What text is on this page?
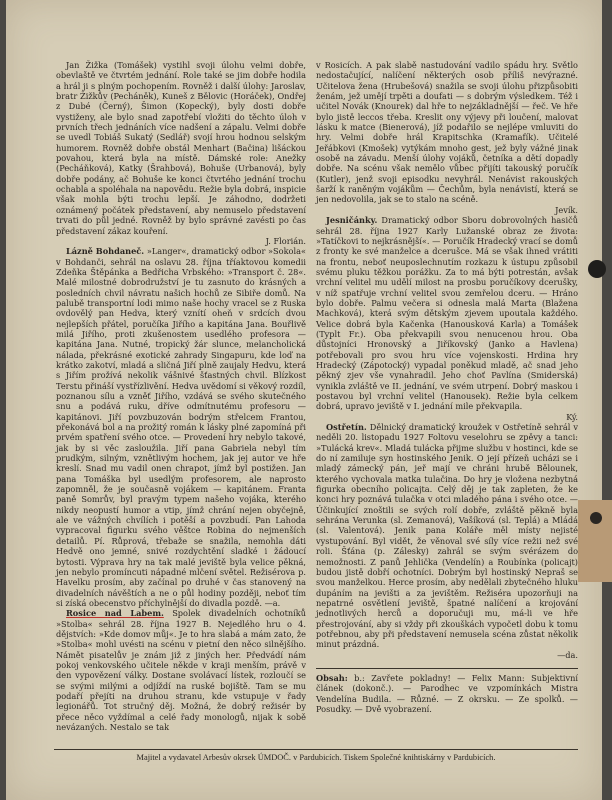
Jan Žižka (Tomášek) vystihl svoji úlohu velmi dobře, obevlaště ve čtvrtém jednání. Role také se jim dobře hodila a hrál ji s plným pochopením. Rovněž i další úlohy: Jaroslav, bratr Žižkův (Pecháněk), Kuneš z Bělovic (Horáček), Ondřej z Dubé (Černý), Šimon (Kopecký), byly dosti dobře vystiženy, ale bylo snad zapotřebí vložiti do těchto úloh v prvních třech jednáních více nadšení a zápalu. Velmi dobře se uvedl Tobiáš Sukatý (Sedlář) svojí hrou hodnou selským humorem. Rovněž dobře obstál Menhart (Bačina) lišáckou povahou, která byla na místě. Dámské role: Anežky (Pecháňková), Katky (Šrahbová), Bohuše (Urbanová), byly dobře podány, ač Bohuše ke konci čtvrtého jednání trochu ochabla a spoléhala na napovědu. Režie byla dobrá, inspicie však mohla býti trochu lepší. Je záhodno, dodržeti oznámený počátek představení, aby nemuselo představení trvati do půl jedné. Rovněž by bylo správné zavésti po čas představení zákaz kouření.

J. Florián.

Lázně Bohdaneč. »Langer«, dramatický odbor »Sokola« v Bohdanči, sehrál na oslavu 28. října tříaktovou komedii Zdeňka Štěpánka a Bedřicha Vrbského: »Transport č. 28«. Malé milostné dobrodružství je tu zasnuto do krásných a posledních chvil návratu našich hochů ze Sibiře domů. Na palubě transportní lodi mimo naše hochy vracel se z Ruska ovdovělý pan Hedva, který vznítí oheň v srdcích dvou nejlepších přátel, poručíka Jiřího a kapitána Jana. Bouřlivě milá Jiřího, proti zkušenostem usedlého profesora — kapitána Jana. Nutné, tropický žár slunce, melancholická nálada, překrásné exotické zahrady Singapuru, kde loď na krátko zakotví, mladá a sličná Jiří plně zaujaly Hedvu, která s Jiřím prožívá nekolik vášnivé šťastných chvil. Blízkost Terstu přináší vystřízlivění. Hedva uvědomí si věkový rozdíl, poznanou sílu a vzněť Jiřího, vzdává se svého skutečného snu a podává ruku, dříve odmítnutému profesoru — kapitánovi. Jiří povzbuzován bodrým střelcem Frantou, překonává bol a na prožitý román k lásky plné zapomíná při prvém spatření svého otce. — Provedení hry nebylo takové, jak by si věc zasloužila. Jiří pana Gabriela nebyl tím prudkým, silným, vznětlivým hochem, jak jej autor ve hře kreslí. Snad mu vadil onen chrapot, jímž byl postižen. Jan pana Tomáška byl usedlým profesorem, ale naprosto zapomněl, že je současně vojákem — kapitánem. Franta paně Somrův, byl pravým typem našeho vojáka, kterého nikdy neopustí humor a vtip, jímž chrání nejen obyčejně, ale ve vážných chvílích i potěší a povzbudí. Pan Lahoda vypracoval figurku svého věštce Robina do nejmenších detailů. Pí. Růprová, třebaže se snažila, nemohla dáti Hedvě ono jemné, snivé rozdychtění sladké i žádoucí bytosti. Výprava hry na tak malé jeviště byla velice pěkná, jen nebylo promíncuti nápadné mlčení světel. Režisérova p. Havelku prosím, aby začínal po druhé v čas stanovený na divadelních návěštích a ne o půl hodiny později, neboť tím si získá obecenstvo příchylnější do divadla pozdě. —a.

Rosice nad Labem. Spolek divadelních ochotníků »Stolba« sehrál 28. října 1927 B. Nejedlého hru o 4. dějstvích: »Kde domov můj«. Je to hra slabá a mám zato, že »Stolba« mohl uvésti na scénu v pietní den něco silnějšího. Námět pisatelův je znám již z jiných her. Předvádí nám pokoj venkovského učitele někde v kraji menším, právě v den vypovězení války. Dostane svolávací lístek, rozloučí se se svými milými a odjíždí na ruské bojiště. Tam se mu podaří přejíti na druhou stranu, kde vstupuje v řady legionářů. Tot stručný děj. Možná, že dobrý režisér by přece něco vyždímal a celé řady monologů, nijak k sobě nevázaných. Nestalo se tak

v Rosicích. A pak slabě nastudování vadilo spádu hry. Světlo nedostačující, nalíčení některých osob příliš nevýrazné. Učitelova žena (Hrubešová) snažila se svoji úlohu přizpůsobiti ženám, jež umějí trpěti a doufati — s dobrým výsledkem. Též i učitel Novák (Knourek) dal hře to nejzákladnější — řeč. Ve hře bylo jistě leccos třeba. Kreslit ony výjevy při loučení, malovat lásku k matce (Bienerová), jíž podařilo se nejlépe vmluviti do hry. Velmi dobře hrál Krapitschka (Kramafík). Učitelé Jeřábkovi (Kmošek) vytýkám mnoho gest, jež byly vážné jinak osobě na závadu. Menší úlohy vojáků, četníka a dětí dopadly dobře. Na scénu však nemělo vůbec přijíti takouský poručík (Kutler), jenž svoji episodku nevyhrál. Nenávist rakouských šarží k raněným vojákům — Čechům, byla nenávistí, která se jen nedovolila, jak se to stalo na scéně.

Jevík.

Jesničánky. Dramatický odbor Sboru dobrovolných hasičů sehrál 28. října 1927 Karly Lužanské obraz ze života: »Tatíčkovi to nejkrásnější«. — Poručík Hradecký vrací se domů z fronty ke své manželce a dcerušce. Má se však ihned vrátiti na frontu, neboť neuposlechnutím rozkazu k ústupu způsobil svému pluku těžkou porážku. Za to má býti potrestán, avšak vrchní velitel mu udělí milost na prosbu poručíkovy dcerušky, v níž spatřuje vrchní velitel svou zemřelou dceru. — Hráno bylo dobře. Palmu večera si odnesla malá Marta (Blažena Machková), která svým dětským zjevem upoutala každého. Velice dobrá byla Kačenka (Hanousková Karla) a Tomášek (Typlt Fr.). Oba překvapili svou nenucenou hrou. Oba důstojníci Hronovský a Jiříkovský (Janko a Havlena) potřebovali pro svou hru více vojenskosti. Hrdina hry Hradecký (Zápotocký) vypadal poněkud mladě, ač snad jeho pěkný zjev vše vynahradil. Jeho choť Pavlína (Smiderská) vynikla zvláště ve II. jednání, ve svém utrpení. Dobrý maskou i postavou byl vrchní velitel (Hanousek). Režie byla celkem dobrá, upravo jeviště v I. jednání mile překvapila.

Ký.

Ostřetín. Dělnický dramatický kroužek v Ostřetíně sehrál v neděli 20. listopadu 1927 Foltovu veselohru se zpěvy a tanci: »Tulácká krev«. Mladá tulácka přijme službu v hostinci, kde se do ní zamiluje syn hostinského Jenik. O její přízeň ucházi se i mladý zámecký pán, jeř mají ve chráni hrubě Bělounek, kterého vychovala matka tulačina. Do hry je vložena nezbytná figurka obecního policajta. Celý děj je tak zapleten, že ke konci hry poznává tulačka v otci mladého pána i svého otce. — Účinkující znoštili se svých rolí dobře, zvláště pěkně byla sehrána Verunka (sl. Zemanová), Vašíková (sl. Teplá) a Mládá (sl. Valentová). Jenik pana Koláře měl místy nejisté vystupování. Byl vidět, že věnoval své síly více režii než své roli. Šťána (p. Zálesky) zahrál se svým svérázem do nemožnosti. Z panů Jehlička (Vendelín) a Roubínka (policajt) budou jistě dobří ochotníci. Dobrým byl hostinský Nepraš se svou manželkou. Herce prosím, aby nedělali zbytečného hluku dupáním na jevišti a za jevištěm. Režiséra upozorňuji na nepatrné osvětlení jeviště, špatné nalíčení a krojování jednotlivých herců a doporučuji mu, má-li ve hře přestrojování, aby si vždy při zkouškách vypočetl dobu k tomu potřebnou, aby při představení nemusela scéna zůstat několik minut prázdná.

—da.

Obsah: b.: Zavřete pokladny! — Felix Mann: Subjektivní článek (dokonč.). — Parodhec ve vzpomínkách Mistra Vendelína Budila. — Různé. — Z okrsku. — Ze spolků. — Posudky. — Dvě vyobrazení.

Majitel a vydavatel Arbesův okrsek ÚMDOČ. v Pardubicích. Tiskem Společné knihtiskárny v Pardubicích.
